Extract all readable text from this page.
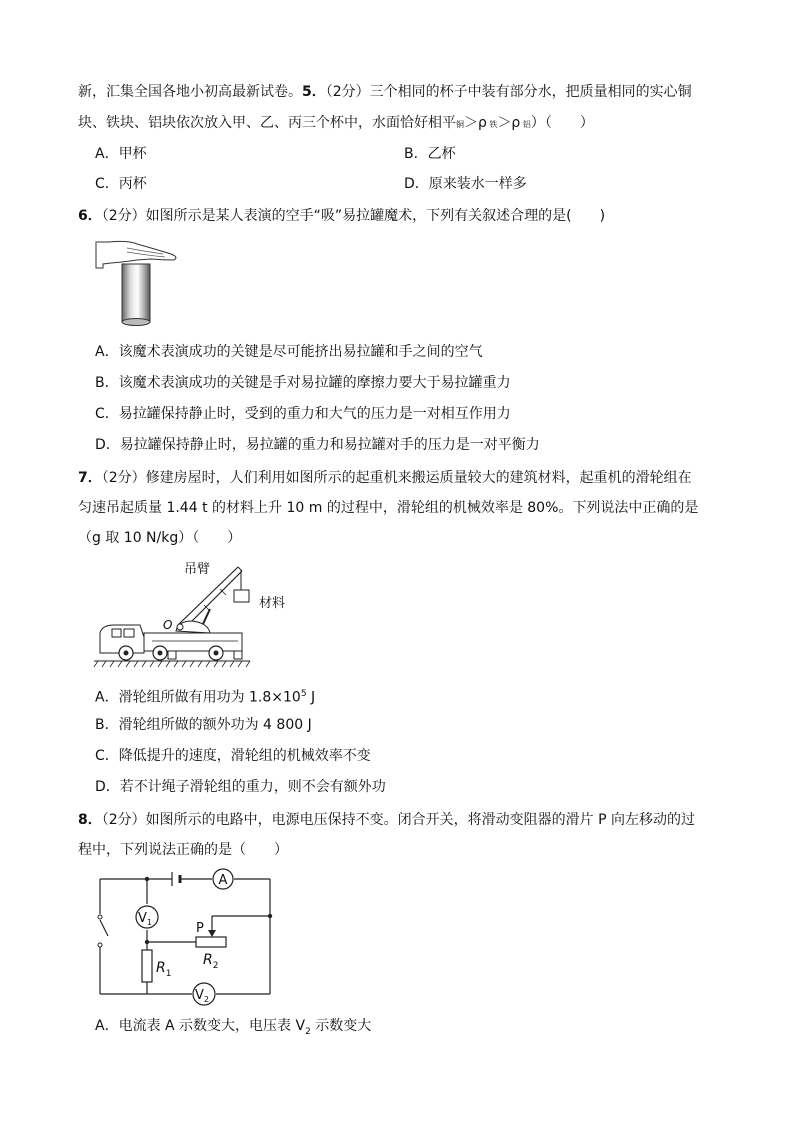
新，汇集全国各地小初高最新试卷。5．（2分）三个相同的杯子中装有部分水，把质量相同的实心铜
块、铁块、铝块依次放入甲、乙、丙三个杯中，水面恰好相平铜＞ρ 铁＞ρ 铝）（　　）
A．甲杯	B．乙杯
C．丙杯	D．原来装水一样多
6．（2分）如图所示是某人表演的空手“吸”易拉罐魔术，下列有关叙述合理的是(　　)
A．该魔术表演成功的关键是尽可能挤出易拉罐和手之间的空气
B．该魔术表演成功的关键是手对易拉罐的摩擦力要大于易拉罐重力
C．易拉罐保持静止时，受到的重力和大气的压力是一对相互作用力
D．易拉罐保持静止时，易拉罐的重力和易拉罐对手的压力是一对平衡力
7．（2分）修建房屋时，人们利用如图所示的起重机来搬运质量较大的建筑材料，起重机的滑轮组在
匀速吊起质量 1.44 t 的材料上升 10 m 的过程中，滑轮组的机械效率是 80%。下列说法中正确的是
（g 取 10 N/kg）（　　）
吊臂
材料
O
A．滑轮组所做有用功为 $1.8\times 10^5$ J
B．滑轮组所做的额外功为 4 800 J
C．降低提升的速度，滑轮组的机械效率不变
D．若不计绳子滑轮组的重力，则不会有额外功
8．（2分）如图所示的电路中，电源电压保持不变。闭合开关，将滑动变阻器的滑片 P 向左移动的过
程中，下列说法正确的是（　　）
A
$V_1$
$R_1$
P
$R_2$
$V_2$
A．电流表 A 示数变大，电压表 $V_2$ 示数变大
